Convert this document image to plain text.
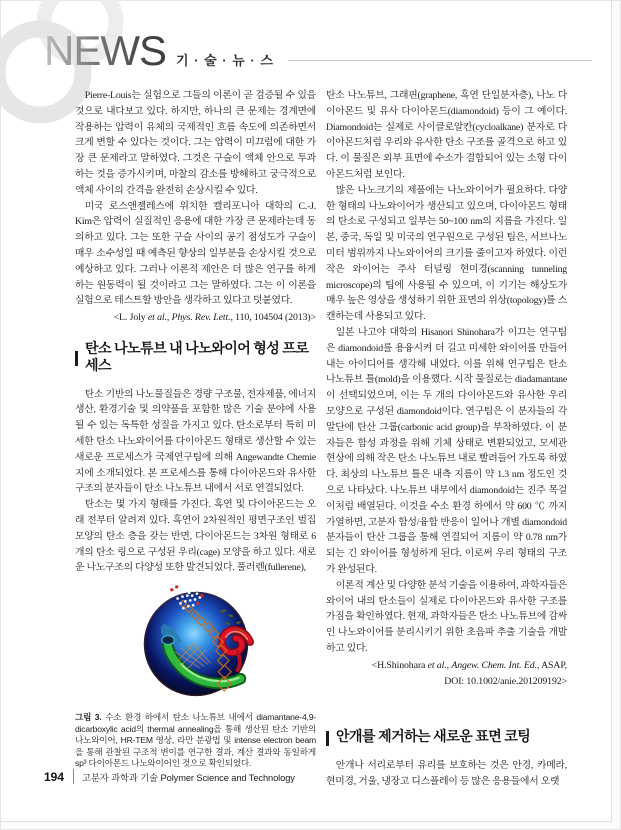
NEWS 기 · 술 · 뉴 · 스

Pierre-Louis는 실험으로 그들의 이론이 곧 검증될 수 있을 것으로 내다보고 있다. 하지만, 하나의 큰 문제는 경계면에 작용하는 압력이 유체의 국제적인 흐름 속도에 의존하면서 크게 변할 수 있다는 것이다. 그는 압력이 미끄럼에 대한 가장 큰 문제라고 말하였다. 그것은 구슬이 액체 안으로 투과하는 것을 증가시키며, 마찰의 감소를 방해하고 궁극적으로 액체 사이의 간격을 완전히 손상시킬 수 있다.

미국 로스앤젤레스에 위치한 캘리포니아 대학의 C.-J. Kim은 압력이 실질적인 응용에 대한 가장 큰 문제라는데 동의하고 있다. 그는 또한 구슬 사이의 공기 점성도가 구슬이 매우 소수성일 때 예측된 향상의 일부분을 손상시킬 것으로 예상하고 있다. 그러나 이론적 제안은 더 많은 연구를 하게 하는 원동력이 될 것이라고 그는 말하였다. 그는 이 이론을 실험으로 테스트할 방안을 생각하고 있다고 덧붙였다.

<L. Joly et al., Phys. Rev. Lett., 110, 104504 (2013)>

탄소 나노튜브 내 나노와이어 형성 프로세스

탄소 기반의 나노물질들은 경량 구조물, 전자제품, 에너지 생산, 환경기술 및 의약품을 포함한 많은 기술 분야에 사용될 수 있는 독특한 성질을 가지고 있다. 탄소로부터 특히 미세한 탄소 나노와이어를 다이아몬드 형태로 생산할 수 있는 새로운 프로세스가 국제연구팀에 의해 Angewandte Chemie지에 소개되었다. 본 프로세스를 통해 다이아몬드와 유사한 구조의 분자들이 탄소 나노튜브 내에서 서로 연결되었다.

탄소는 몇 가지 형태를 가진다. 흑연 및 다이아몬드는 오래 전부터 알려져 있다. 흑연이 2차원적인 평면구조인 벌집 모양의 탄소 층을 갖는 반면, 다이아몬드는 3차원 형태로 6개의 탄소 링으로 구성된 우리(cage) 모양을 하고 있다. 새로운 나노구조의 다양성 또한 발견되었다. 풀러렌(fullerene),

그림 3. 수소 환경 하에서 탄소 나노튜브 내에서 diamantane-4,9-dicarboxylic acid의 thermal annealing을 통해 생산된 탄소 기반의 나노와이어, HR-TEM 영상, 라만 분광법 및 intense electron beam을 통해 관찰된 구조적 변이를 연구한 결과, 계산 결과와 동일하게 sp³ 다이아몬드 나노와이어인 것으로 확인되었다.

탄소 나노튜브, 그래핀(graphene, 흑연 단일분자층), 나노 다이아몬드 및 유사 다이아몬드(diamondoid) 등이 그 예이다. Diamondoid는 실제로 사이클로알칸(cycloalkane) 분자로 다이아몬드처럼 우리와 유사한 탄소 구조를 골격으로 하고 있다. 이 물질은 외부 표면에 수소가 결합되어 있는 소형 다이아몬드처럼 보인다.

많은 나노크기의 제품에는 나노와이어가 필요하다. 다양한 형태의 나노와이어가 생산되고 있으며, 다이아몬드 형태의 탄소로 구성되고 일부는 50~100 nm의 지름을 가진다. 일본, 중국, 독일 및 미국의 연구원으로 구성된 팀은, 서브나노미터 범위까지 나노와이어의 크기를 줄이고자 하였다. 이런 작은 와이어는 주사 터널링 현미경(scanning tunneling microscope)의 팁에 사용될 수 있으며, 이 기기는 해상도가 매우 높은 영상을 생성하기 위한 표면의 위상(topology)를 스캔하는데 사용되고 있다.

일본 나고야 대학의 Hisanori Shinohara가 이끄는 연구팀은 diamondoid를 용융시켜 더 길고 미세한 와이어를 만들어내는 아이디어를 생각해 내었다. 이를 위해 연구팀은 탄소 나노튜브 틀(mold)을 이용했다. 시작 물질로는 diadamantane이 선택되었으며, 이는 두 개의 다이아몬드와 유사한 우리 모양으로 구성된 diamondoid이다. 연구팀은 이 분자들의 각 말단에 탄산 그룹(carbonic acid group)을 부착하였다. 이 분자들은 합성 과정을 위해 기체 상태로 변환되었고, 모세관 현상에 의해 작은 탄소 나노튜브 내로 빨려들어 가도록 하였다. 최상의 나노튜브 틀은 내측 지름이 약 1.3 nm 정도인 것으로 나타났다. 나노튜브 내부에서 diamondoid는 진주 목걸이처럼 배열된다. 이것을 수소 환경 하에서 약 600 ℃ 까지 가열하면, 고분자 합성/융합 반응이 일어나 개별 diamondoid 분자들이 탄산 그룹을 통해 연결되어 지름이 약 0.78 nm가 되는 긴 와이어를 형성하게 된다. 이로써 우리 형태의 구조가 완성된다.

이론적 계산 및 다양한 분석 기술을 이용하여, 과학자들은 와이어 내의 탄소들이 실제로 다이아몬드와 유사한 구조를 가짐을 확인하였다. 현재, 과학자들은 탄소 나노튜브에 감싸인 나노와이어를 분리시키기 위한 초음파 추출 기술을 개발하고 있다.

<H.Shinohara et al., Angew. Chem. Int. Ed., ASAP,

DOI: 10.1002/anie.201209192>

안개를 제거하는 새로운 표면 코팅

안개나 서리로부터 유리를 보호하는 것은 안경, 카메라, 현미경, 거울, 냉장고 디스플레이 등 많은 응용들에서 오랫

194 고분자 과학과 기술 Polymer Science and Technology
